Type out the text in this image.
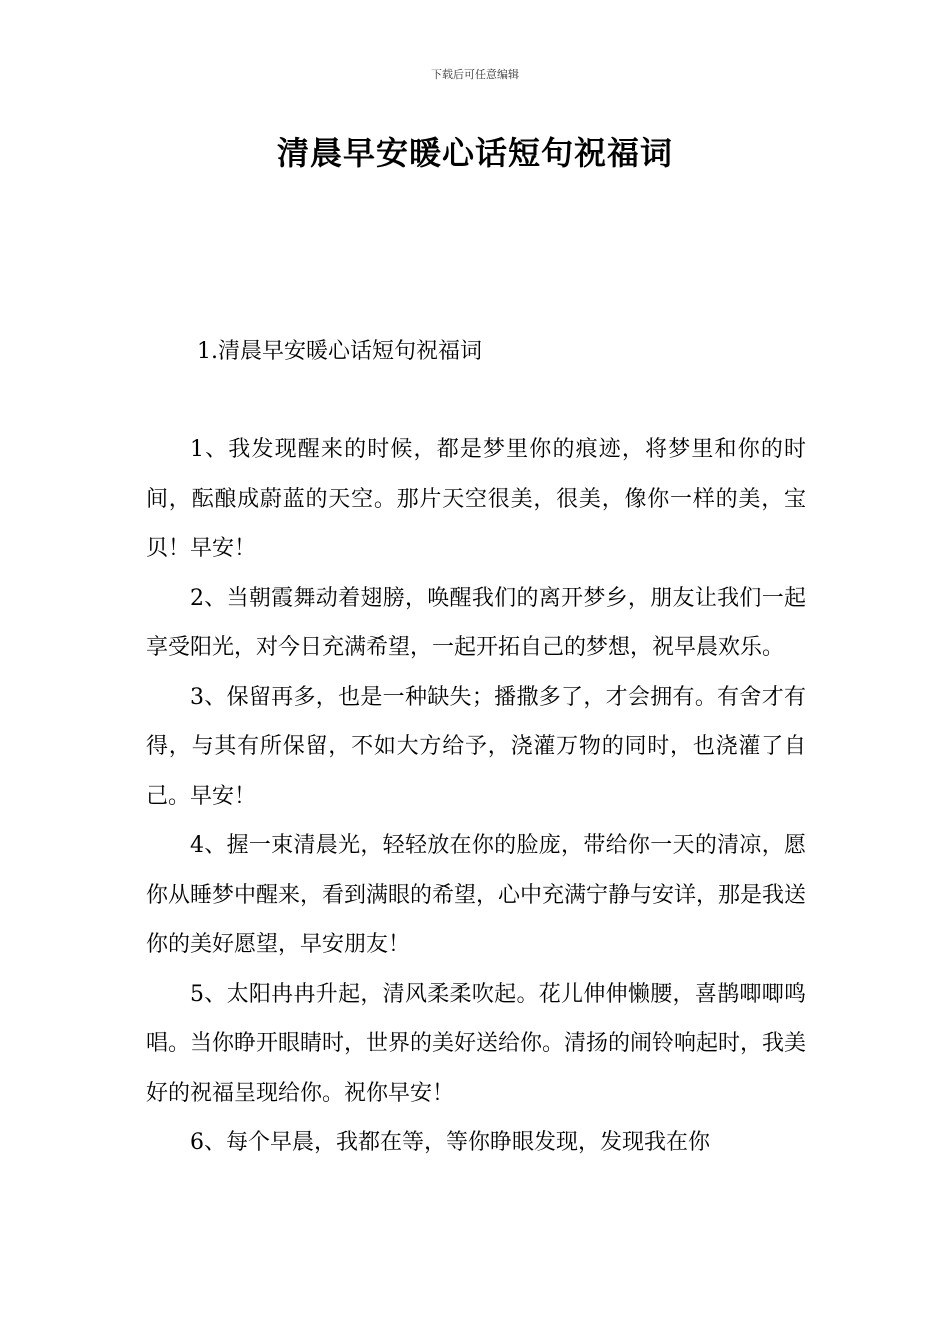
下载后可任意编辑
清晨早安暖心话短句祝福词
1.清晨早安暖心话短句祝福词

1、我发现醒来的时候，都是梦里你的痕迹，将梦里和你的时间，酝酿成蔚蓝的天空。那片天空很美，很美，像你一样的美，宝贝！早安！

2、当朝霞舞动着翅膀，唤醒我们的离开梦乡，朋友让我们一起享受阳光，对今日充满希望，一起开拓自己的梦想，祝早晨欢乐。

3、保留再多，也是一种缺失；播撒多了，才会拥有。有舍才有得，与其有所保留，不如大方给予，浇灌万物的同时，也浇灌了自己。早安！

4、握一束清晨光，轻轻放在你的脸庞，带给你一天的清凉，愿你从睡梦中醒来，看到满眼的希望，心中充满宁静与安详，那是我送你的美好愿望，早安朋友！

5、太阳冉冉升起，清风柔柔吹起。花儿伸伸懒腰，喜鹊唧唧鸣唱。当你睁开眼睛时，世界的美好送给你。清扬的闹铃响起时，我美好的祝福呈现给你。祝你早安！

6、每个早晨，我都在等，等你睁眼发现，发现我在你
